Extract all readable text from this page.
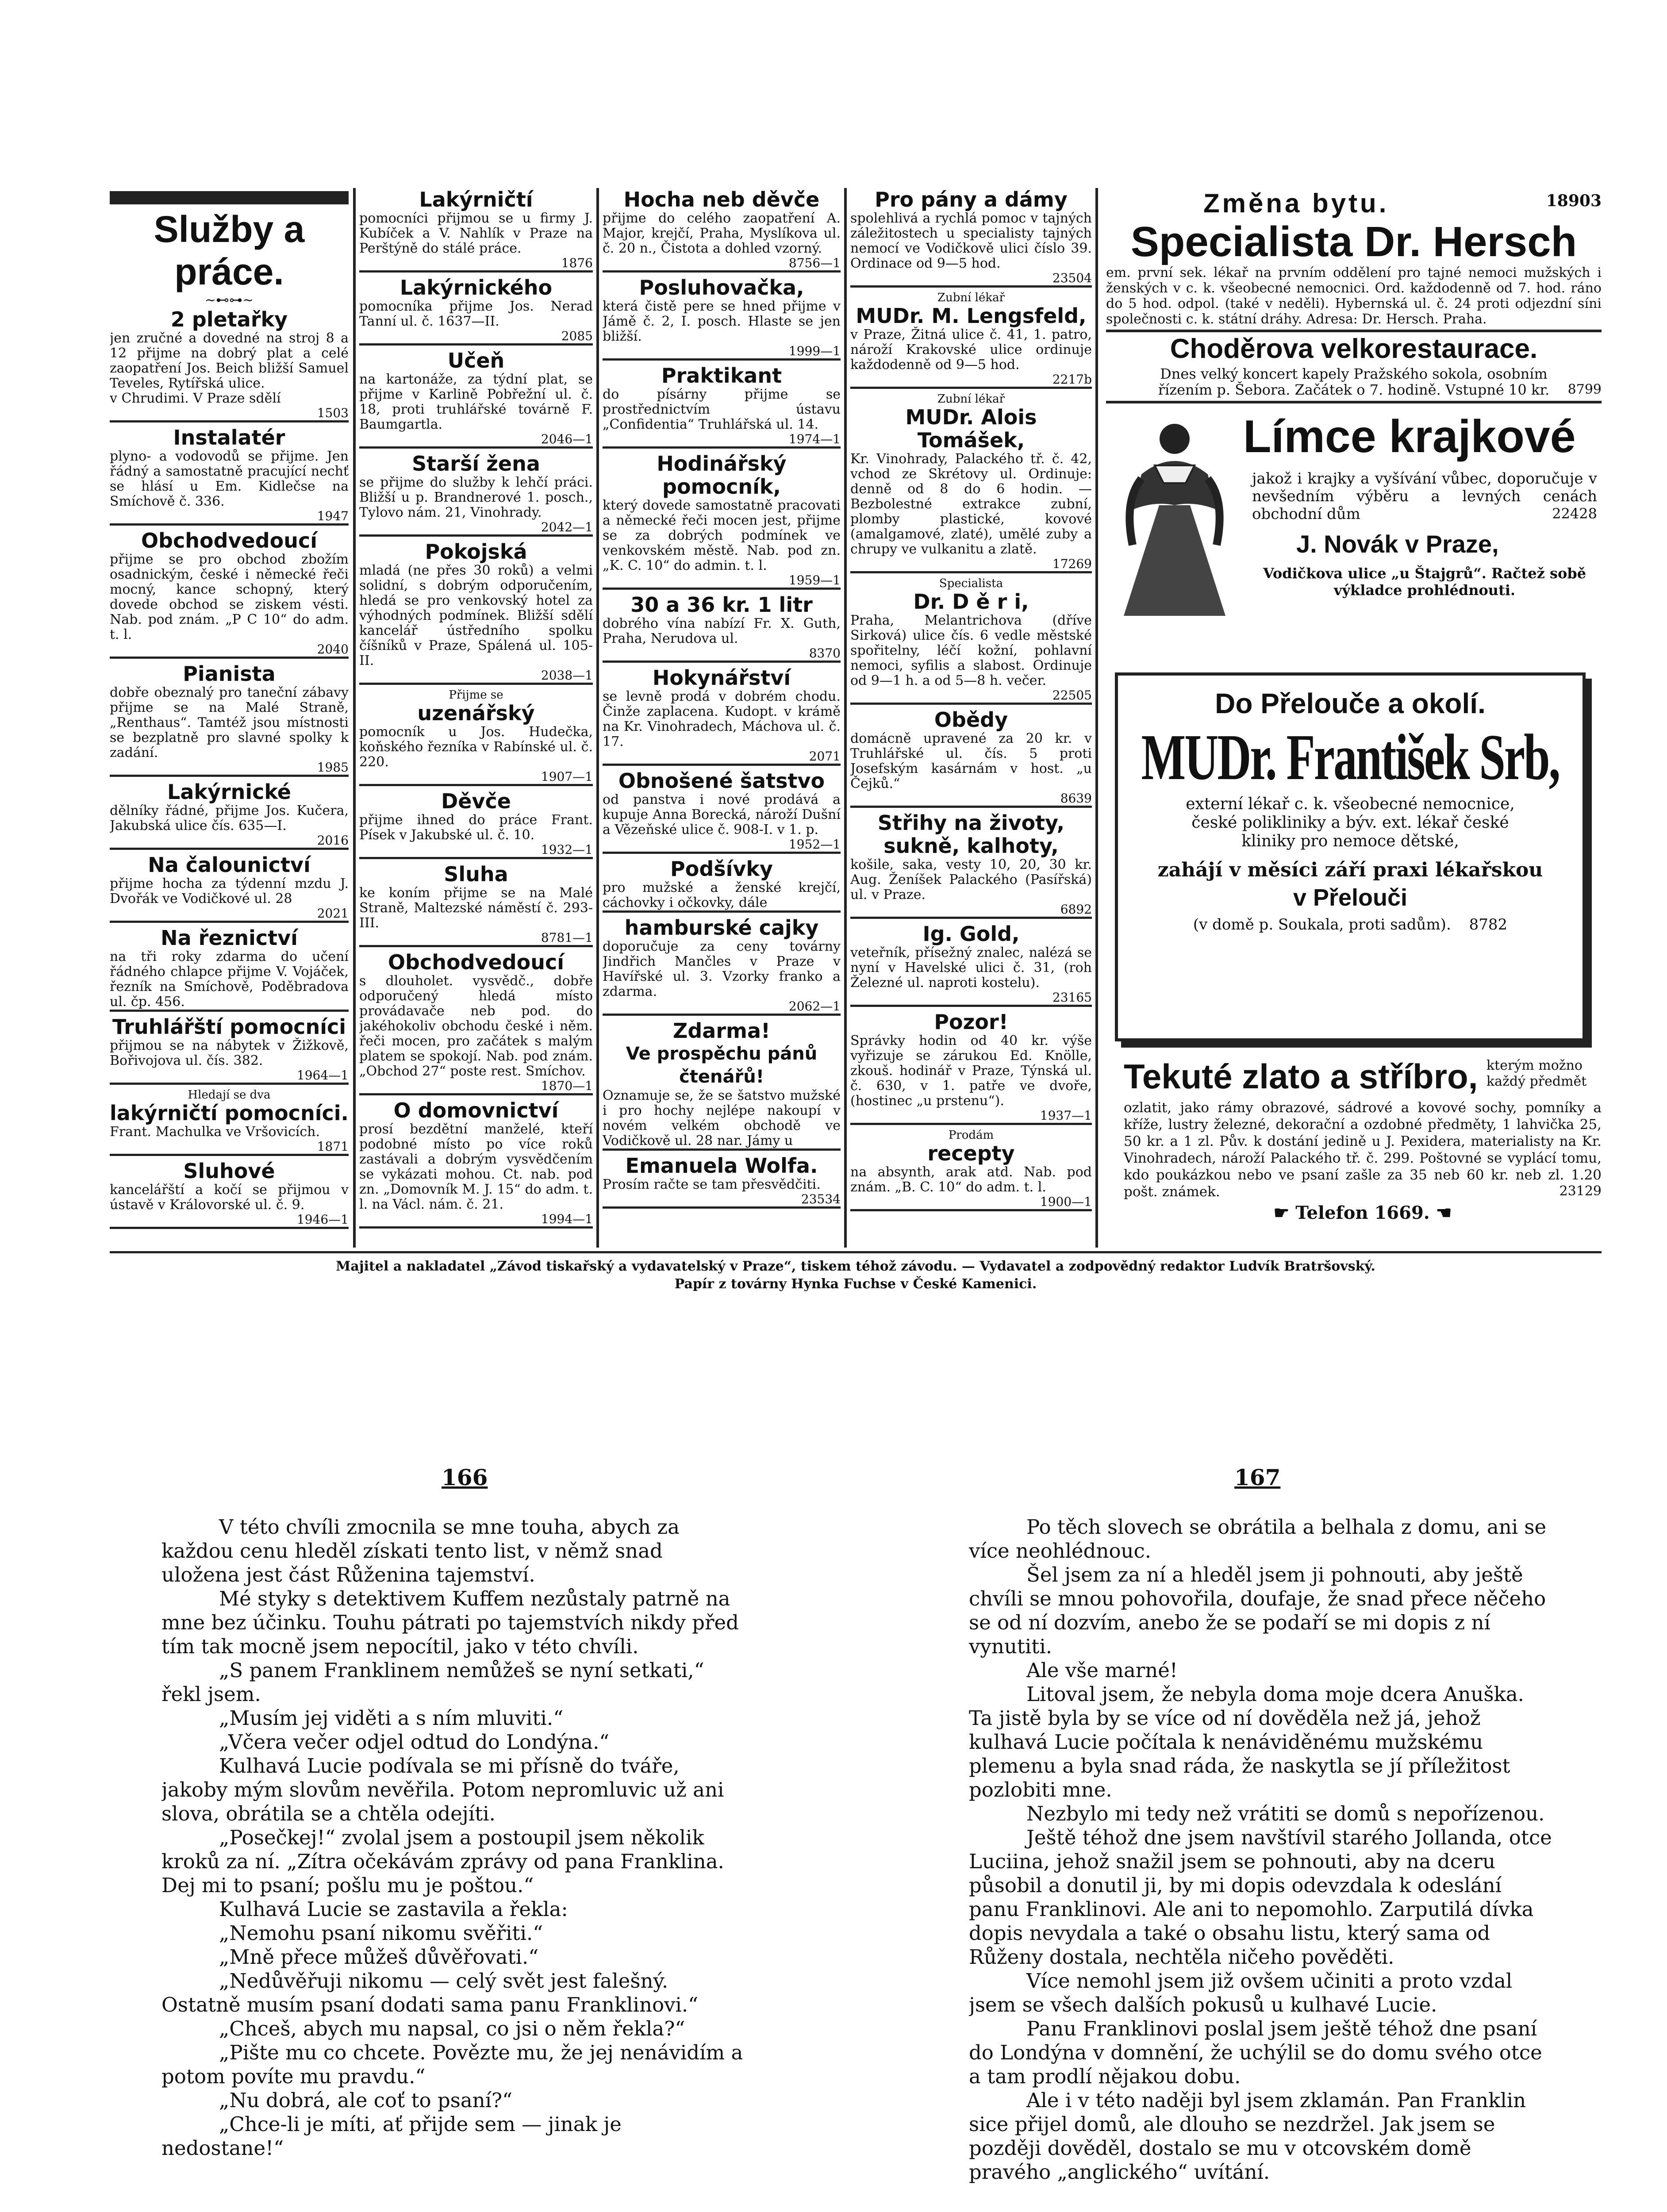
Služby a práce.
~⊷⊶~
2 pletařky
jen zručné a dovedné na stroj 8 a 12 přijme na dobrý plat a celé zaopatření Jos. Beich bližší Samuel Teveles, Rytířská ulice.
v Chrudimi. V Praze sdělí
1503
Instalatér
plyno- a vodovodů se přijme. Jen řádný a samostatně pracující nechť se hlásí u Em. Kidlečse na Smíchově č. 336.
1947
Obchodvedoucí
přijme se pro obchod zbožím osadnickým, české i německé řeči mocný, kance schopný, který dovede obchod se ziskem vésti. Nab. pod znám. „P C 10“ do adm. t. l.
2040
Pianista
dobře obeznalý pro taneční zábavy přijme se na Malé Straně, „Renthaus“. Tamtéž jsou místnosti se bezplatně pro slavné spolky k zadání.
1985
Lakýrnické
dělníky řádné, přijme Jos. Kučera, Jakubská ulice čís. 635—I.
2016
Na čalounictví
přijme hocha za týdenní mzdu J. Dvořák ve Vodičkové ul. 28
2021
Na řeznictví
na tři roky zdarma do učení řádného chlapce přijme V. Vojáček, řezník na Smíchově, Poděbradova ul. čp. 456.
Truhlářští pomocníci
přijmou se na nábytek v Žižkově, Bořivojova ul. čís. 382.
1964—1
Hledají se dva
lakýrničtí pomocníci.
Frant. Machulka ve Vršovicích.
1871
Sluhové
kancelářští a kočí se přijmou v ústavě v Královorské ul. č. 9.
1946—1
Lakýrničtí
pomocníci přijmou se u firmy J. Kubíček a V. Nahlík v Praze na Perštýně do stálé práce.
1876
Lakýrnického
pomocníka přijme Jos. Nerad Tanní ul. č. 1637—II.
2085
Učeň
na kartonáže, za týdní plat, se přijme v Karlině Pobřežní ul. č. 18, proti truhlářské továrně F. Baumgartla.
2046—1
Starší žena
se přijme do služby k lehčí práci. Bližší u p. Brandnerové 1. posch., Tylovo nám. 21, Vinohrady.
2042—1
Pokojská
mladá (ne přes 30 roků) a velmi solidní, s dobrým odporučením, hledá se pro venkovský hotel za výhodných podmínek. Bližší sdělí kancelář ústředního spolku číšníků v Praze, Spálená ul. 105-II.
2038—1
Přijme se
uzenářský
pomocník u Jos. Hudečka, koňského řezníka v Rabínské ul. č. 220.
1907—1
Děvče
přijme ihned do práce Frant. Písek v Jakubské ul. č. 10.
1932—1
Sluha
ke koním přijme se na Malé Straně, Maltezské náměstí č. 293-III.
8781—1
Obchodvedoucí
s dlouholet. vysvědč., dobře odporučený hledá místo provádavače neb pod. do jakéhokoliv obchodu české i něm. řeči mocen, pro začátek s malým platem se spokojí. Nab. pod znám. „Obchod 27“ poste rest. Smíchov.
1870—1
O domovnictví
prosí bezdětní manželé, kteří podobné místo po více roků zastávali a dobrým vysvědčením se vykázati mohou. Ct. nab. pod zn. „Domovník M. J. 15“ do adm. t. l. na Václ. nám. č. 21.
1994—1
Hocha neb děvče
přijme do celého zaopatření A. Major, krejčí, Praha, Myslíkova ul. č. 20 n., Čistota a dohled vzorný.
8756—1
Posluhovačka,
která čistě pere se hned přijme v Jámě č. 2, I. posch. Hlaste se jen bližší.
1999—1
Praktikant
do písárny přijme se prostřednictvím ústavu „Confidentia“ Truhlářská ul. 14.
1974—1
Hodinářský pomocník,
který dovede samostatně pracovati a německé řeči mocen jest, přijme se za dobrých podmínek ve venkovském městě. Nab. pod zn. „K. C. 10“ do admin. t. l.
1959—1
30 a 36 kr. 1 litr
dobrého vína nabízí Fr. X. Guth, Praha, Nerudova ul.
8370
Hokynářství
se levně prodá v dobrém chodu. Činže zaplacena. Kudopt. v krámě na Kr. Vinohradech, Máchova ul. č. 17.
2071
Obnošené šatstvo
od panstva i nové prodává a kupuje Anna Borecká, nároží Dušní a Vězeňské ulice č. 908-I. v 1. p.
1952—1
Podšívky
pro mužské a ženské krejčí, cáchovky i očkovky, dále
hamburské cajky
doporučuje za ceny továrny Jindřich Mančles v Praze v Havířské ul. 3. Vzorky franko a zdarma.
2062—1
Zdarma!
Ve prospěchu pánů čtenářů!
Oznamuje se, že se šatstvo mužské i pro hochy nejlépe nakoupí v novém velkém obchodě ve Vodičkově ul. 28 nar. Jámy u
Emanuela Wolfa.
Prosím račte se tam přesvědčiti.
23534
Pro pány a dámy
spolehlivá a rychlá pomoc v tajných záležitostech u specialisty tajných nemocí ve Vodičkově ulici číslo 39. Ordinace od 9—5 hod.
23504
Zubní lékař
MUDr. M. Lengsfeld,
v Praze, Žitná ulice č. 41, 1. patro, nároží Krakovské ulice ordinuje každodenně od 9—5 hod.
2217b
Zubní lékař
MUDr. Alois Tomášek,
Kr. Vinohrady, Palackého tř. č. 42, vchod ze Skrétovy ul. Ordinuje: denně od 8 do 6 hodin. — Bezbolestné extrakce zubní, plomby plastické, kovové (amalgamové, zlaté), umělé zuby a chrupy ve vulkanitu a zlatě.
17269
Specialista
Dr. D ě r i,
Praha, Melantrichova (dříve Sirková) ulice čís. 6 vedle městské spořitelny, léčí kožní, pohlavní nemoci, syfilis a slabost. Ordinuje od 9—1 h. a od 5—8 h. večer.
22505
Obědy
domácně upravené za 20 kr. v Truhlářské ul. čís. 5 proti Josefským kasárnám v host. „u Čejků.“
8639
Střihy na životy, sukně, kalhoty,
košile, saka, vesty 10, 20, 30 kr. Aug. Ženíšek Palackého (Pasířská) ul. v Praze.
6892
Ig. Gold,
veteřník, přísežný znalec, nalézá se nyní v Havelské ulici č. 31, (roh Železné ul. naproti kostelu).
23165
Pozor!
Správky hodin od 40 kr. výše vyřizuje se zárukou Ed. Knölle, zkouš. hodinář v Praze, Týnská ul. č. 630, v 1. patře ve dvoře, (hostinec „u prstenu“).
1937—1
Prodám
recepty
na absynth, arak atd. Nab. pod znám. „B. C. 10“ do adm. t. l.
1900—1
Změna bytu.	18903
Specialista Dr. Hersch
em. první sek. lékař na prvním oddělení pro tajné nemoci mužských i ženských v c. k. všeobecné nemocnici. Ord. každodenně od 7. hod. ráno do 5 hod. odpol. (také v neděli). Hybernská ul. č. 24 proti odjezdní síni společnosti c. k. státní dráhy. Adresa: Dr. Hersch. Praha.
Choděrova velkorestaurace.
Dnes velký koncert kapely Pražského sokola, osobním řízením p. Šebora. Začátek o 7. hodině. Vstupné 10 kr.	8799
Límce krajkové
jakož i krajky a vyšívání vůbec, doporučuje v nevšedním výběru a levných cenách obchodní dům	22428
J. Novák v Praze,
Vodičkova ulice „u Štajgrů“. Račtež sobě výkladce prohlédnouti.
Do Přelouče a okolí.
MUDr. František Srb,
externí lékař c. k. všeobecné nemocnice, české polikliniky a býv. ext. lékař české kliniky pro nemoce dětské,
zahájí v měsíci září praxi lékařskou
v Přelouči
(v domě p. Soukala, proti sadům). 8782
Tekuté zlato a stříbro, kterým možno každý předmět
ozlatit, jako rámy obrazové, sádrové a kovové sochy, pomníky a kříže, lustry železné, dekorační a ozdobné předměty, 1 lahvička 25, 50 kr. a 1 zl. Pův. k dostání jedině u J. Pexidera, materialisty na Kr. Vinohradech, nároží Palackého tř. č. 299. Poštovné se vyplácí tomu, kdo poukázkou nebo ve psaní zašle za 35 neb 60 kr. neb zl. 1.20 pošt. známek.	23129
☛ Telefon 1669. ☚
Majitel a nakladatel „Závod tiskařský a vydavatelský v Praze“, tiskem téhož závodu. — Vydavatel a zodpovědný redaktor Ludvík Bratršovský.
Papír z továrny Hynka Fuchse v České Kamenici.
166	167

V této chvíli zmocnila se mne touha, abych za každou cenu hleděl získati tento list, v němž snad uložena jest část Růženina tajemství.

Mé styky s detektivem Kuffem nezůstaly patrně na mne bez účinku. Touhu pátrati po tajemstvích nikdy před tím tak mocně jsem nepocítil, jako v této chvíli.

„S panem Franklinem nemůžeš se nyní setkati,“ řekl jsem.

„Musím jej viděti a s ním mluviti.“

„Včera večer odjel odtud do Londýna.“

Kulhavá Lucie podívala se mi přísně do tváře, jakoby mým slovům nevěřila. Potom nepromluvic už ani slova, obrátila se a chtěla odejíti.

„Posečkej!“ zvolal jsem a postoupil jsem několik kroků za ní. „Zítra očekávám zprávy od pana Franklina. Dej mi to psaní; pošlu mu je poštou.“

Kulhavá Lucie se zastavila a řekla:

„Nemohu psaní nikomu svěřiti.“

„Mně přece můžeš důvěřovati.“

„Nedůvěřuji nikomu — celý svět jest falešný. Ostatně musím psaní dodati sama panu Franklinovi.“

„Chceš, abych mu napsal, co jsi o něm řekla?“

„Pište mu co chcete. Povězte mu, že jej nenávidím a potom povíte mu pravdu.“

„Nu dobrá, ale coť to psaní?“

„Chce-li je míti, ať přijde sem — jinak je nedostane!“

Po těch slovech se obrátila a belhala z domu, ani se více neohlédnouc.

Šel jsem za ní a hleděl jsem ji pohnouti, aby ještě chvíli se mnou pohovořila, doufaje, že snad přece něčeho se od ní dozvím, anebo že se podaří se mi dopis z ní vynutiti.

Ale vše marné!

Litoval jsem, že nebyla doma moje dcera Anuška. Ta jistě byla by se více od ní dověděla než já, jehož kulhavá Lucie počítala k nenáviděnému mužskému plemenu a byla snad ráda, že naskytla se jí příležitost pozlobiti mne.

Nezbylo mi tedy než vrátiti se domů s nepořízenou.

Ještě téhož dne jsem navštívil starého Jollanda, otce Luciina, jehož snažil jsem se pohnouti, aby na dceru působil a donutil ji, by mi dopis odevzdala k odeslání panu Franklinovi. Ale ani to nepomohlo. Zarputilá dívka dopis nevydala a také o obsahu listu, který sama od Růženy dostala, nechtěla ničeho pověděti.

Více nemohl jsem již ovšem učiniti a proto vzdal jsem se všech dalších pokusů u kulhavé Lucie.

Panu Franklinovi poslal jsem ještě téhož dne psaní do Londýna v domnění, že uchýlil se do domu svého otce a tam prodlí nějakou dobu.

Ale i v této naději byl jsem zklamán. Pan Franklin sice přijel domů, ale dlouho se nezdržel. Jak jsem se později dověděl, dostalo se mu v otcovském domě pravého „anglického“ uvítání.
